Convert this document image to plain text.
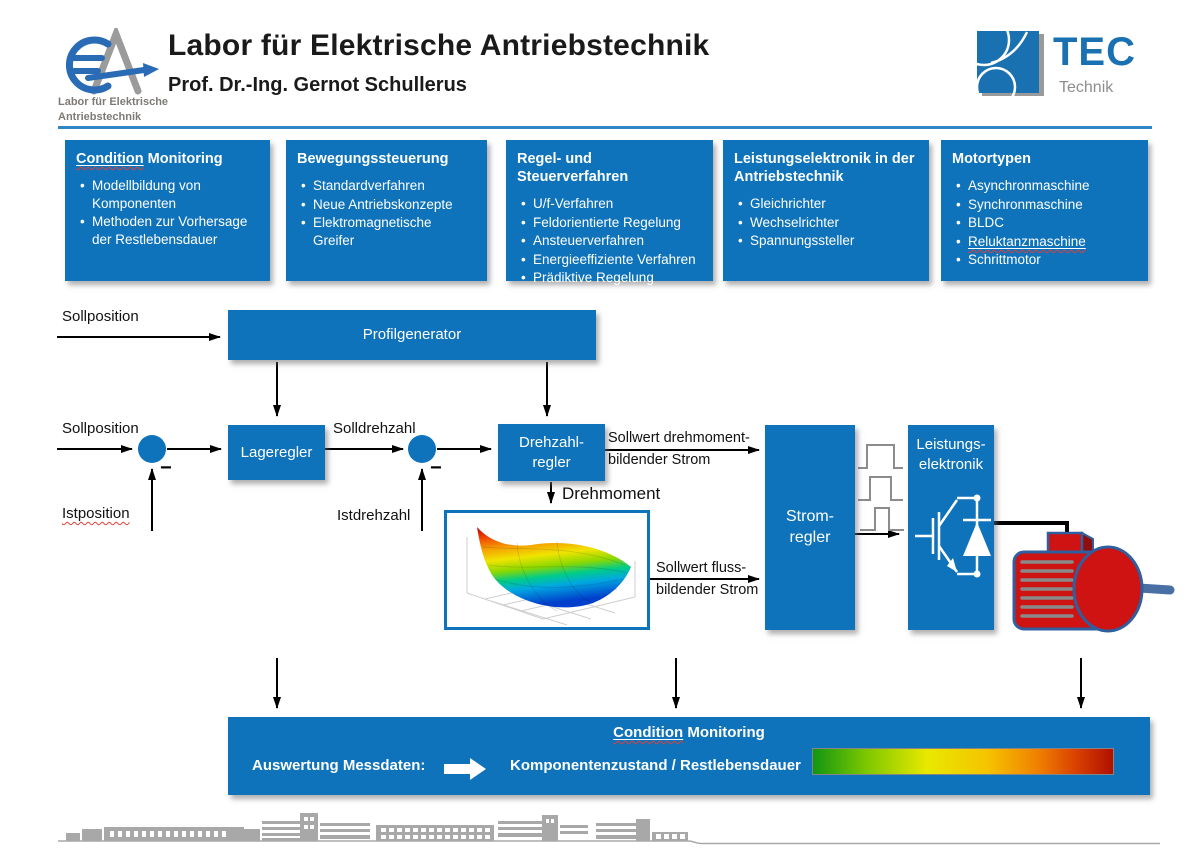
Labor für Elektrische
Antriebstechnik
Labor für Elektrische Antriebstechnik
Prof. Dr.-Ing. Gernot Schullerus
TEC
Technik
Condition Monitoring
• Modellbildung von Komponenten
• Methoden zur Vorhersage der Restlebensdauer
Bewegungssteuerung
• Standardverfahren
• Neue Antriebskonzepte
• Elektromagnetische Greifer
Regel- und Steuerverfahren
• U/f-Verfahren
• Feldorientierte Regelung
• Ansteuerverfahren
• Energieeffiziente Verfahren
• Prädiktive Regelung
Leistungselektronik in der Antriebstechnik
• Gleichrichter
• Wechselrichter
• Spannungssteller
Motortypen
• Asynchronmaschine
• Synchronmaschine
• BLDC
• Reluktanzmaschine
• Schrittmotor
Sollposition
Profilgenerator
Sollposition
−
Istposition
Lageregler
Solldrehzahl
−
Istdrehzahl
Drehzahl-
regler
Sollwert drehmoment-
bildender Strom
Drehmoment
Sollwert fluss-
bildender Strom
Strom-
regler
Leistungs-
elektronik
Condition Monitoring
Auswertung Messdaten:	Komponentenzustand / Restlebensdauer
